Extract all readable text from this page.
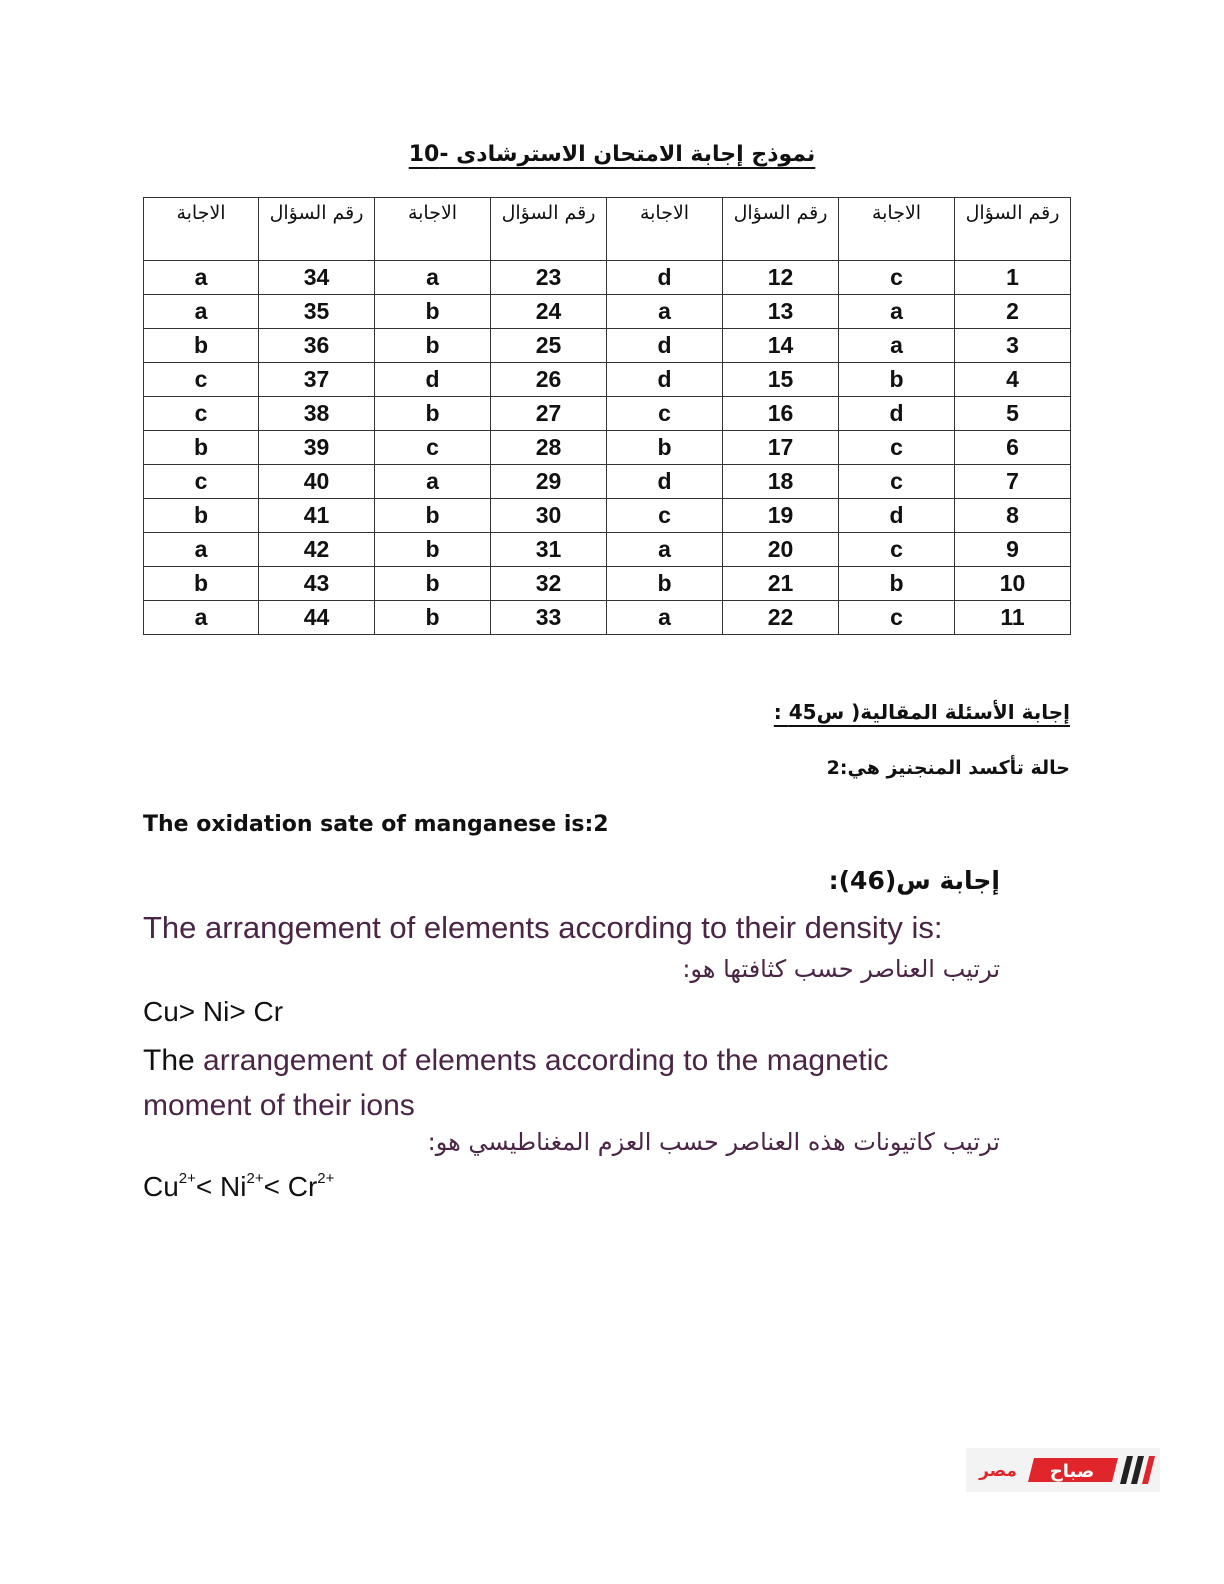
نموذج إجابة الامتحان الاسترشادى -10
رقم السؤال	الاجابة	رقم السؤال	الاجابة	رقم السؤال	الاجابة	رقم السؤال	الاجابة
1	c	12	d	23	a	34	a
2	a	13	a	24	b	35	a
3	a	14	d	25	b	36	b
4	b	15	d	26	d	37	c
5	d	16	c	27	b	38	c
6	c	17	b	28	c	39	b
7	c	18	d	29	a	40	c
8	d	19	c	30	b	41	b
9	c	20	a	31	b	42	a
10	b	21	b	32	b	43	b
11	c	22	a	33	b	44	a
إجابة الأسئلة المقالية( س45 :
حالة تأكسد المنجنيز هي:2
The oxidation sate of manganese is:2
إجابة س(46):
The arrangement of elements according to their density is:
ترتيب العناصر حسب كثافتها هو:
Cu> Ni> Cr
The arrangement of elements according to the magnetic moment of their ions
ترتيب كاتيونات هذه العناصر حسب العزم المغناطيسي هو:
$Cu^{2+}< Ni^{2+}< Cr^{2+}$
صباح
مصر
